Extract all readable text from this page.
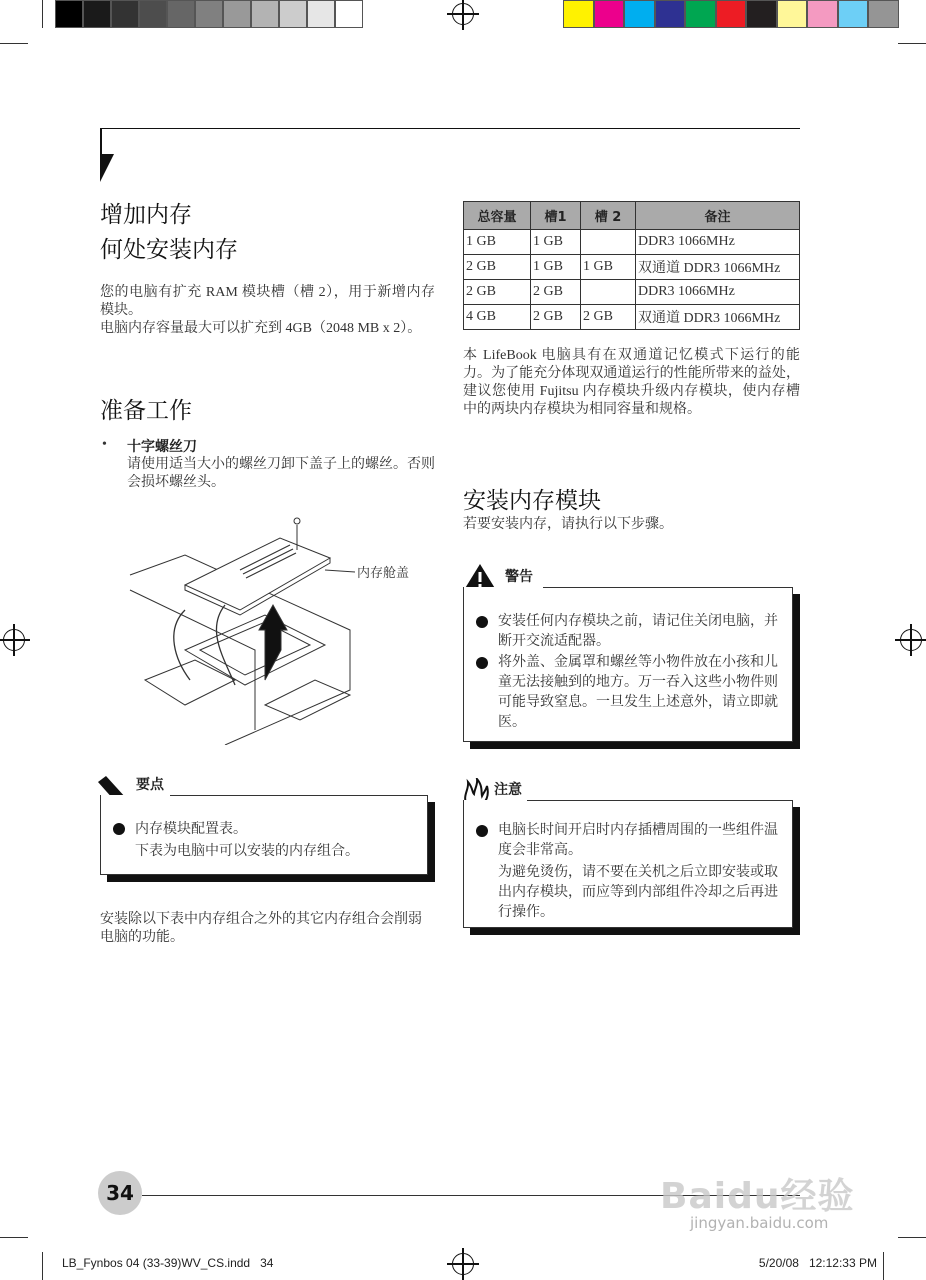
增加内存
何处安装内存
您的电脑有扩充 RAM 模块槽（槽 2），用于新增内存模块。
电脑内存容量最大可以扩充到 4GB（2048 MB x 2）。
准备工作
• 十字螺丝刀
请使用适当大小的螺丝刀卸下盖子上的螺丝。否则会损坏螺丝头。
内存舱盖
内存模块配置表。
下表为电脑中可以安装的内存组合。
要点
安装除以下表中内存组合之外的其它内存组合会削弱电脑的功能。
总容量	槽1	槽 2	备注
1 GB	1 GB		DDR3 1066MHz
2 GB	1 GB	1 GB	双通道 DDR3 1066MHz
2 GB	2 GB		DDR3 1066MHz
4 GB	2 GB	2 GB	双通道 DDR3 1066MHz
本 LifeBook 电脑具有在双通道记忆模式下运行的能力。为了能充分体现双通道运行的性能所带来的益处，建议您使用 Fujitsu 内存模块升级内存模块，使内存槽中的两块内存模块为相同容量和规格。
安装内存模块
若要安装内存，请执行以下步骤。
安装任何内存模块之前，请记住关闭电脑，并断开交流适配器。
将外盖、金属罩和螺丝等小物件放在小孩和儿童无法接触到的地方。万一吞入这些小物件则可能导致窒息。一旦发生上述意外，请立即就医。
警告
电脑长时间开启时内存插槽周围的一些组件温度会非常高。
为避免烫伤，请不要在关机之后立即安装或取出内存模块，而应等到内部组件冷却之后再进行操作。
注意
34	Baidu经验
jingyan.baidu.com
LB_Fynbos 04 (33-39)WV_CS.indd   34	5/20/08   12:12:33 PM
